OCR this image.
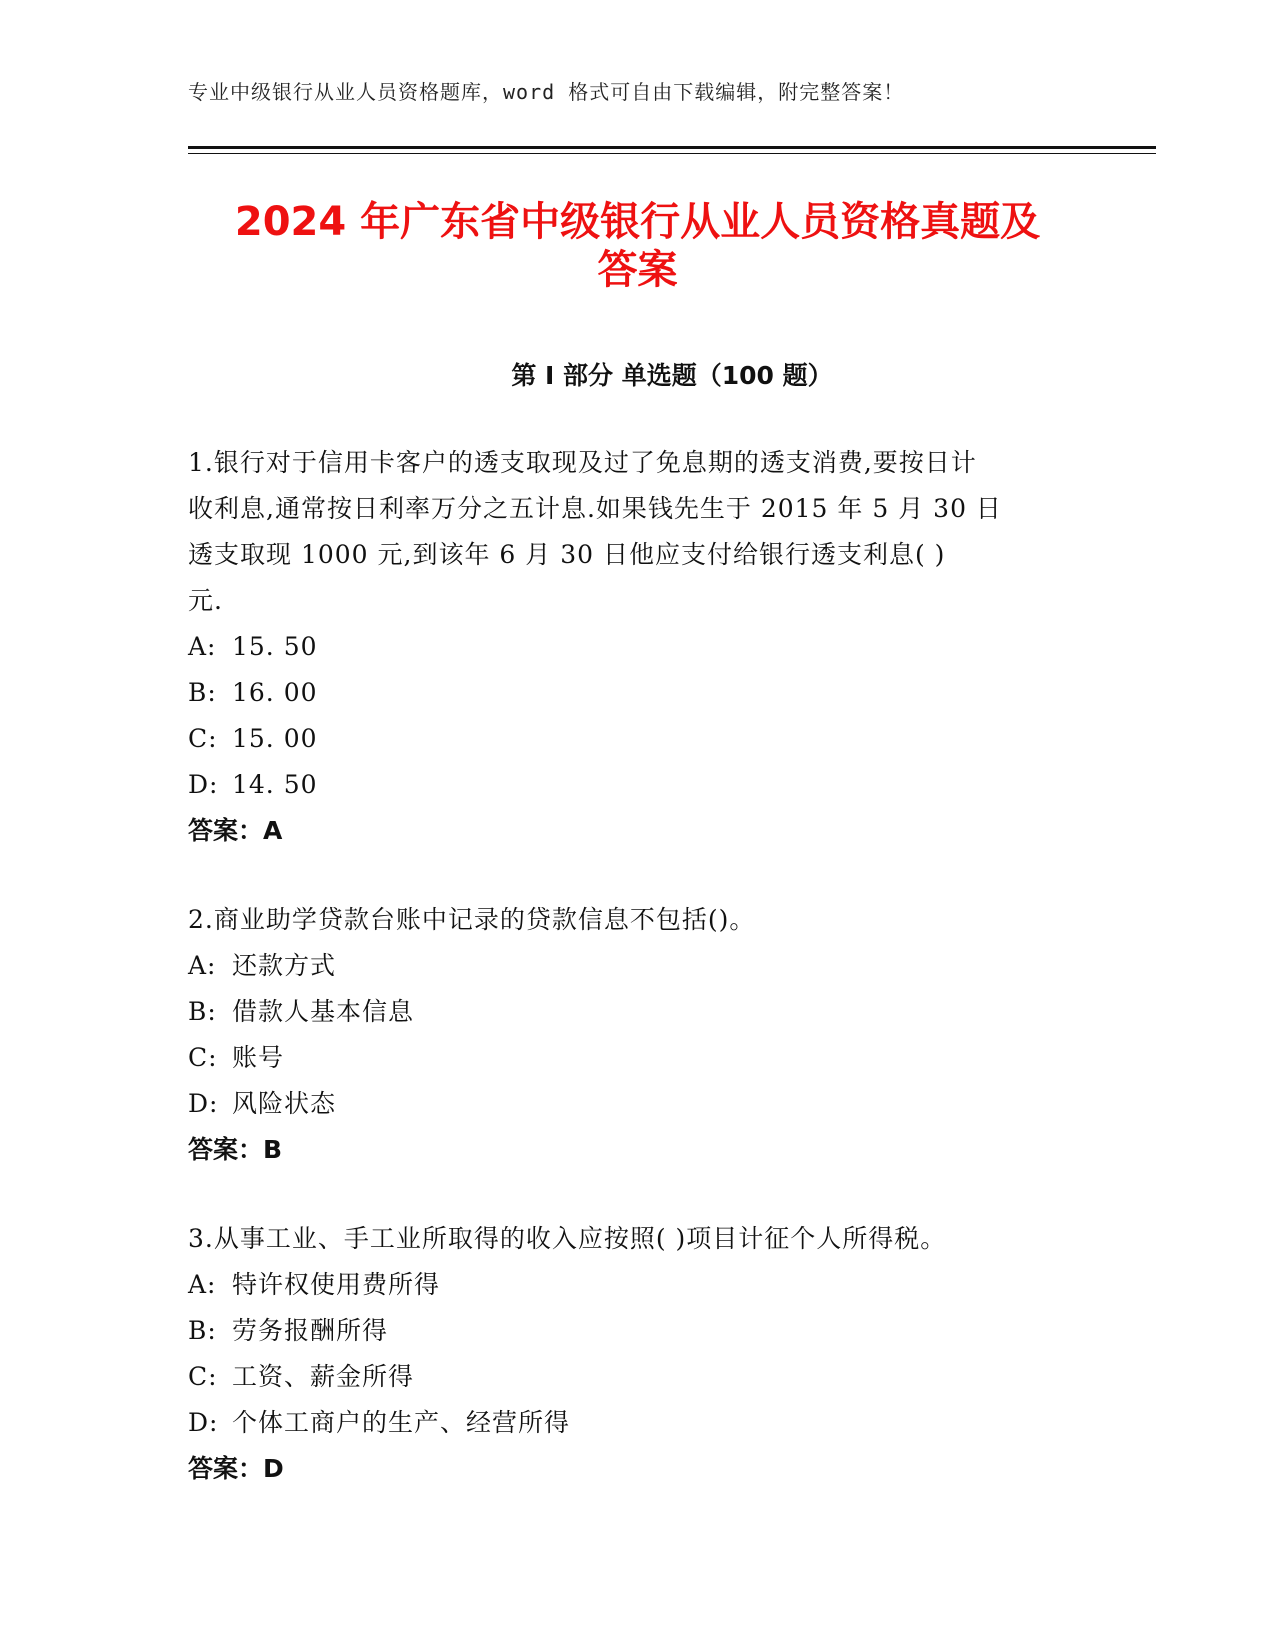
专业中级银行从业人员资格题库，word 格式可自由下载编辑，附完整答案！
2024 年广东省中级银行从业人员资格真题及
答案
第 I 部分 单选题（100 题）

1.银行对于信用卡客户的透支取现及过了免息期的透支消费,要按日计
收利息,通常按日利率万分之五计息.如果钱先生于 2015 年 5 月 30 日
透支取现 1000 元,到该年 6 月 30 日他应支付给银行透支利息( )
元.

A: 15. 50
B: 16. 00
C: 15. 00
D: 14. 50
答案：A

2.商业助学贷款台账中记录的贷款信息不包括()。

A: 还款方式
B: 借款人基本信息
C: 账号
D: 风险状态
答案：B

3.从事工业、手工业所取得的收入应按照( )项目计征个人所得税。

A: 特许权使用费所得
B: 劳务报酬所得
C: 工资、薪金所得
D: 个体工商户的生产、经营所得
答案：D
